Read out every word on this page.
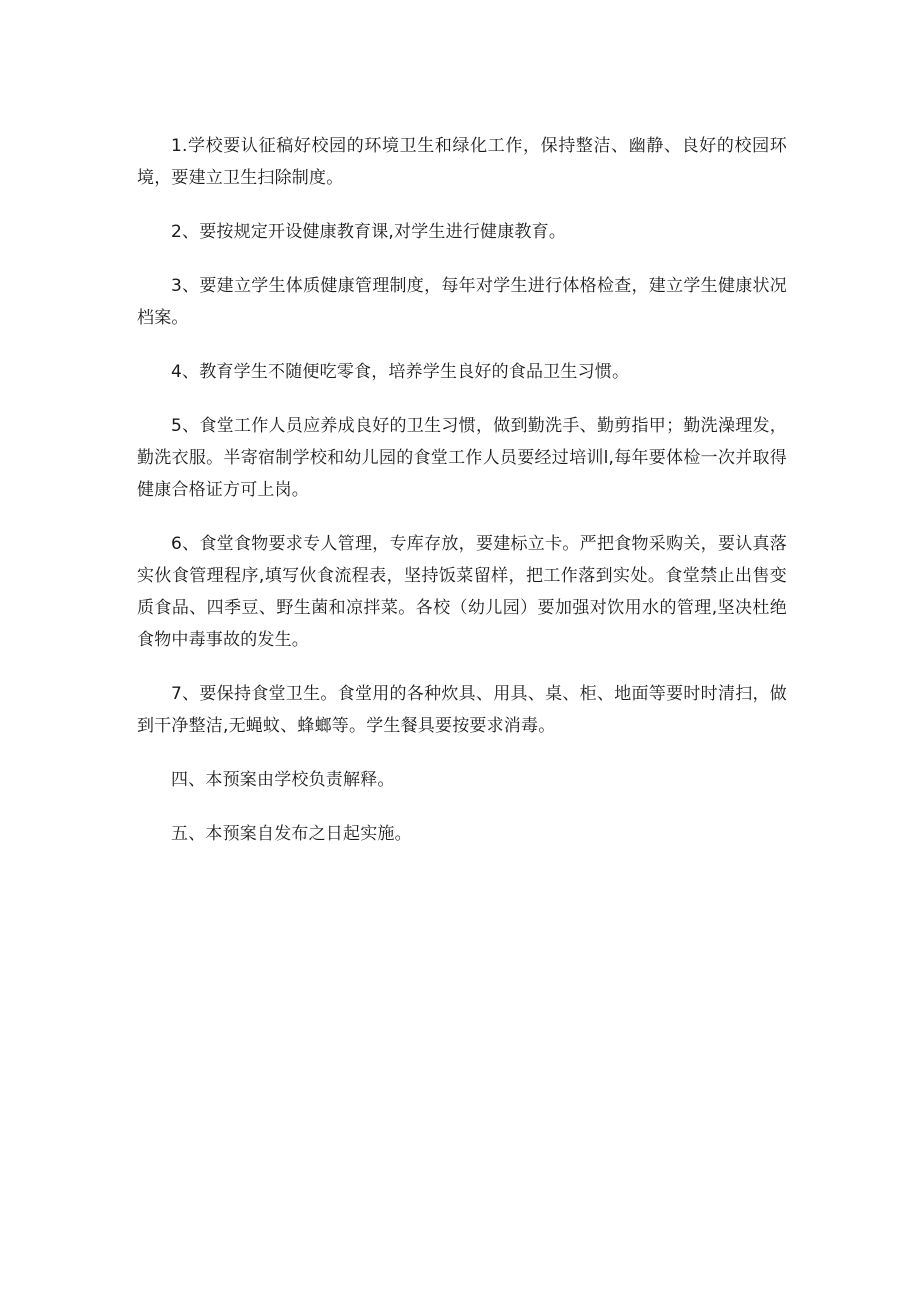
1.学校要认征稿好校园的环境卫生和绿化工作，保持整洁、幽静、良好的校园环境，要建立卫生扫除制度。

2、要按规定开设健康教育课,对学生进行健康教育。

3、要建立学生体质健康管理制度，每年对学生进行体格检查，建立学生健康状况档案。

4、教育学生不随便吃零食，培养学生良好的食品卫生习惯。

5、食堂工作人员应养成良好的卫生习惯，做到勤洗手、勤剪指甲；勤洗澡理发，勤洗衣服。半寄宿制学校和幼儿园的食堂工作人员要经过培训l,每年要体检一次并取得健康合格证方可上岗。

6、食堂食物要求专人管理，专库存放，要建标立卡。严把食物采购关，要认真落实伙食管理程序,填写伙食流程表，坚持饭菜留样，把工作落到实处。食堂禁止出售变质食品、四季豆、野生菌和凉拌菜。各校（幼儿园）要加强对饮用水的管理,坚决杜绝食物中毒事故的发生。

7、要保持食堂卫生。食堂用的各种炊具、用具、桌、柜、地面等要时时清扫，做到干净整洁,无蝇蚊、蜂螂等。学生餐具要按要求消毒。

四、本预案由学校负责解释。

五、本预案自发布之日起实施。
